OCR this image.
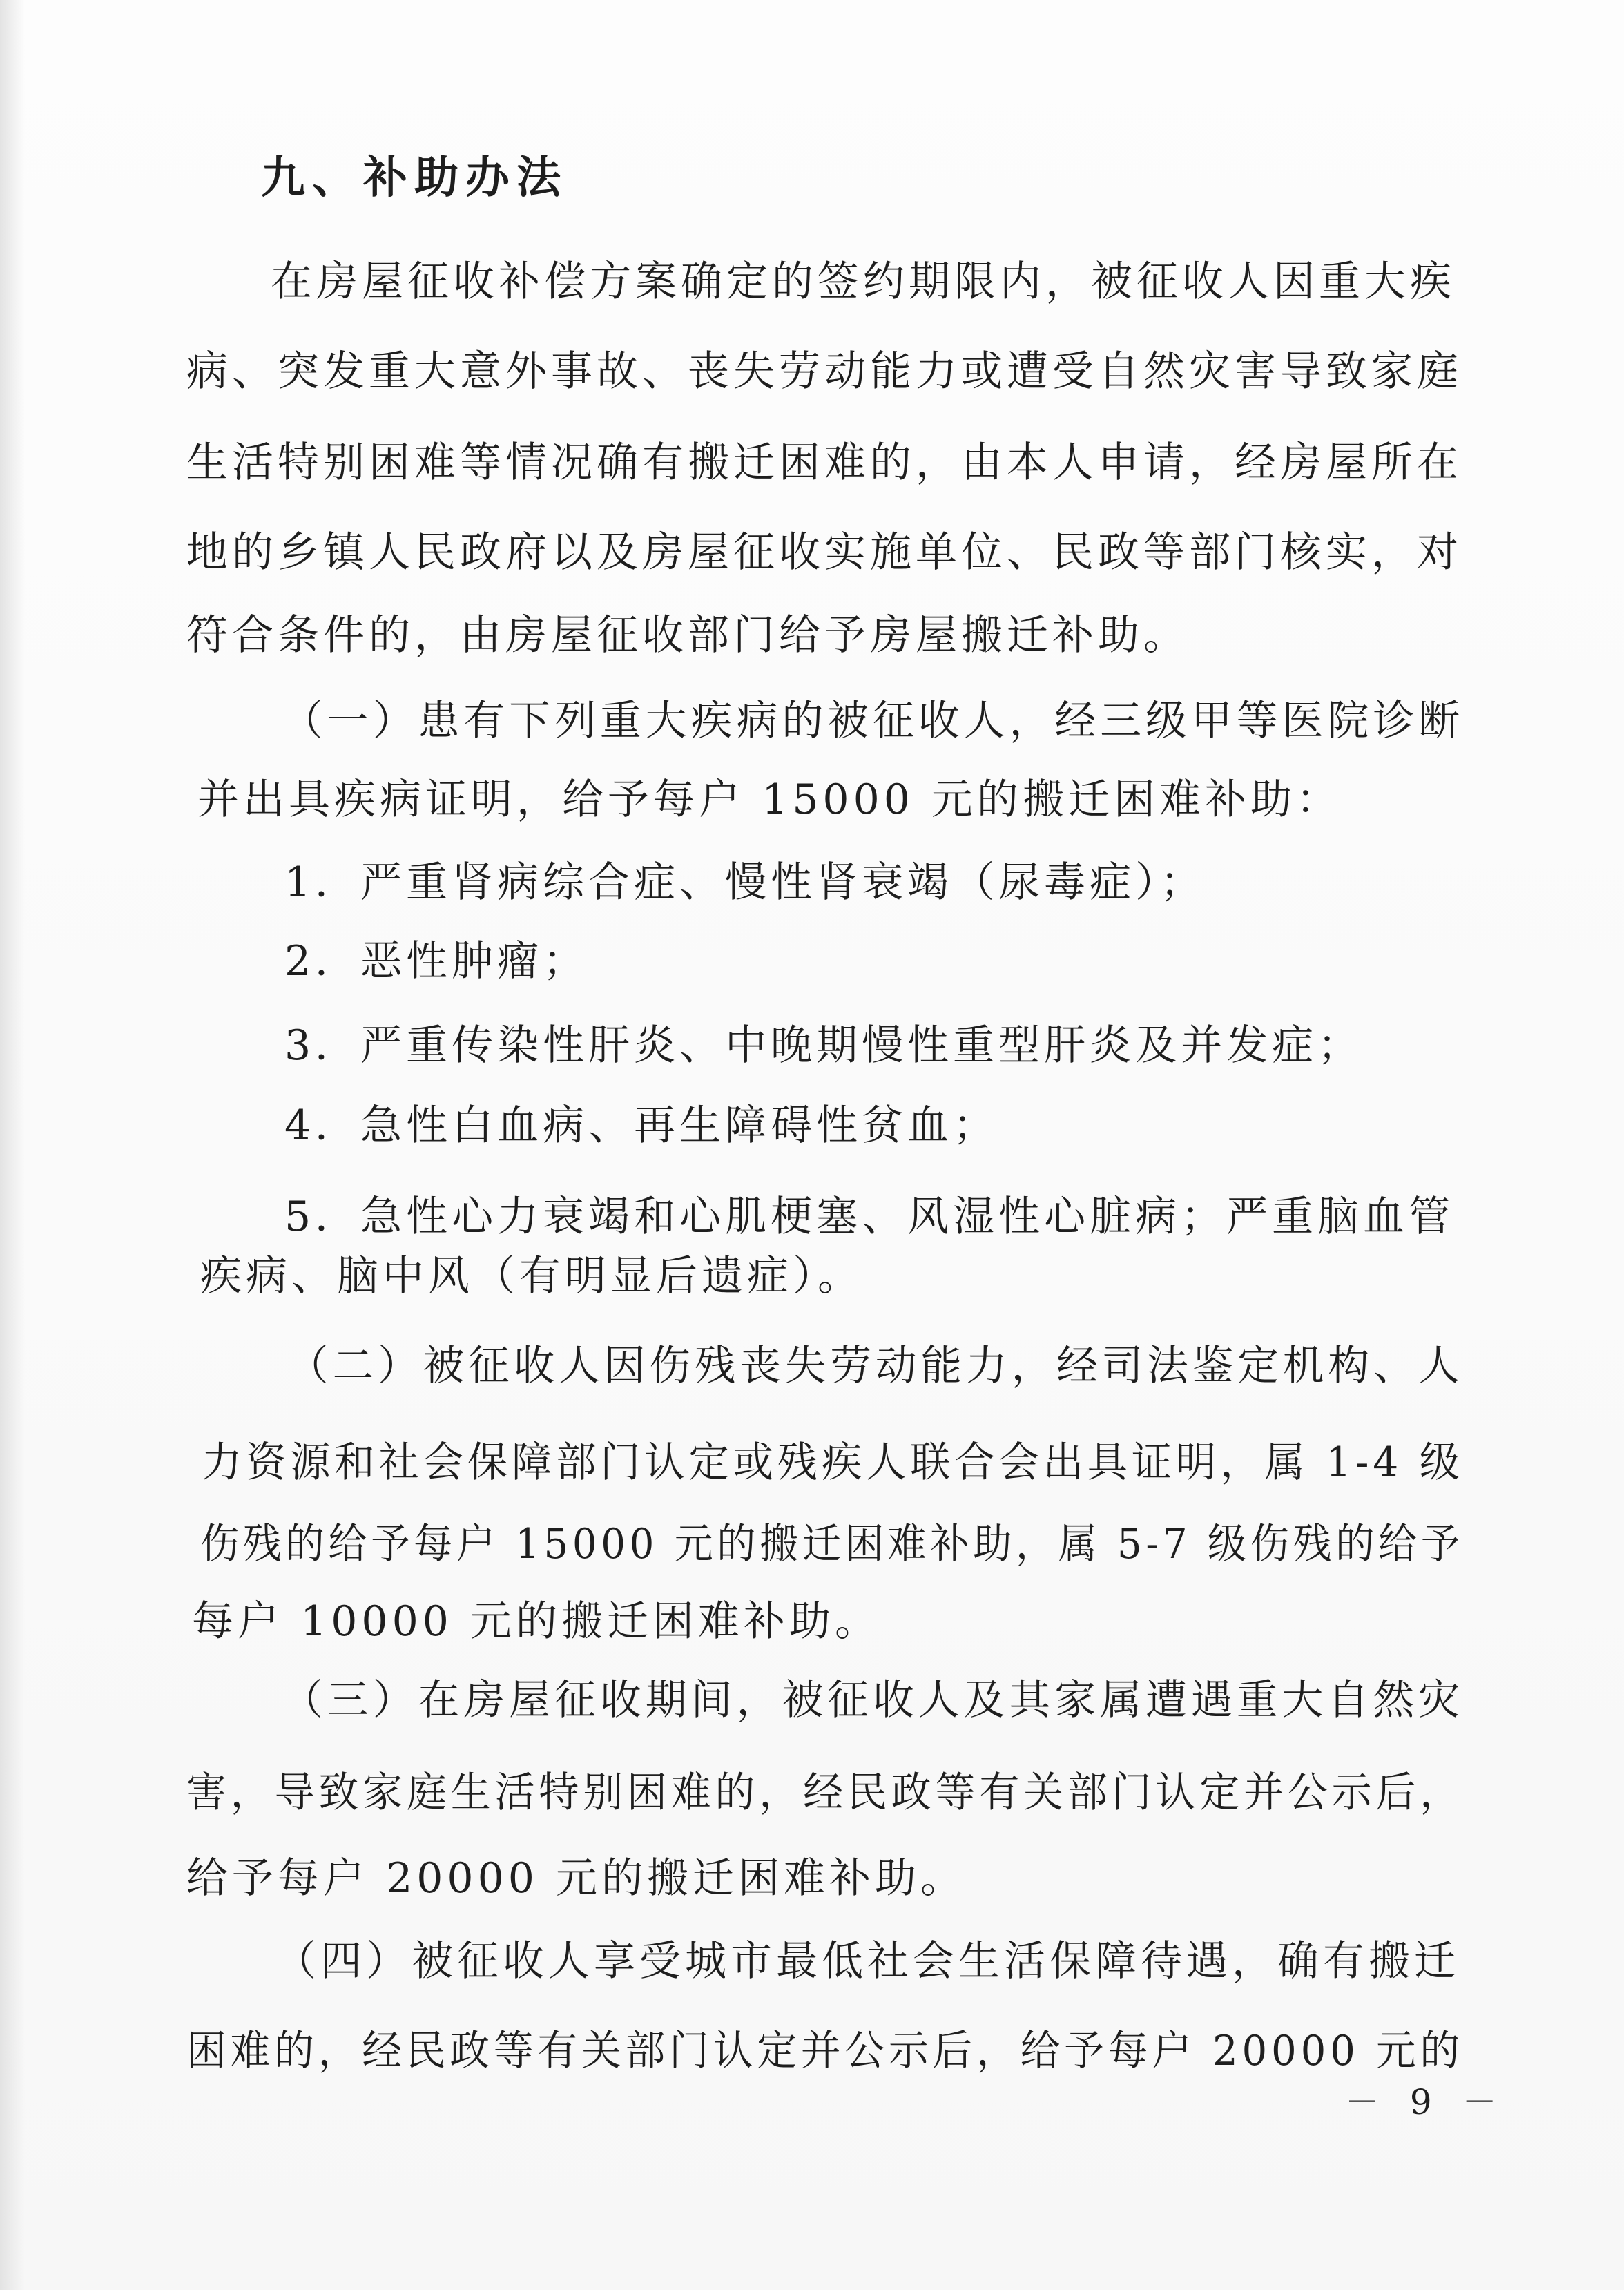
九、补助办法
在房屋征收补偿方案确定的签约期限内，被征收人因重大疾
病、突发重大意外事故、丧失劳动能力或遭受自然灾害导致家庭
生活特别困难等情况确有搬迁困难的，由本人申请，经房屋所在
地的乡镇人民政府以及房屋征收实施单位、民政等部门核实，对
符合条件的，由房屋征收部门给予房屋搬迁补助。
（一）患有下列重大疾病的被征收人，经三级甲等医院诊断
并出具疾病证明，给予每户 15000 元的搬迁困难补助：
1．严重肾病综合症、慢性肾衰竭（尿毒症）；
2．恶性肿瘤；
3．严重传染性肝炎、中晚期慢性重型肝炎及并发症；
4．急性白血病、再生障碍性贫血；
5．急性心力衰竭和心肌梗塞、风湿性心脏病；严重脑血管
疾病、脑中风（有明显后遗症）。
（二）被征收人因伤残丧失劳动能力，经司法鉴定机构、人
力资源和社会保障部门认定或残疾人联合会出具证明，属 1-4 级
伤残的给予每户 15000 元的搬迁困难补助，属 5-7 级伤残的给予
每户 10000 元的搬迁困难补助。
（三）在房屋征收期间，被征收人及其家属遭遇重大自然灾
害，导致家庭生活特别困难的，经民政等有关部门认定并公示后，
给予每户 20000 元的搬迁困难补助。
（四）被征收人享受城市最低社会生活保障待遇，确有搬迁
困难的，经民政等有关部门认定并公示后，给予每户 20000 元的
－ 9 －
